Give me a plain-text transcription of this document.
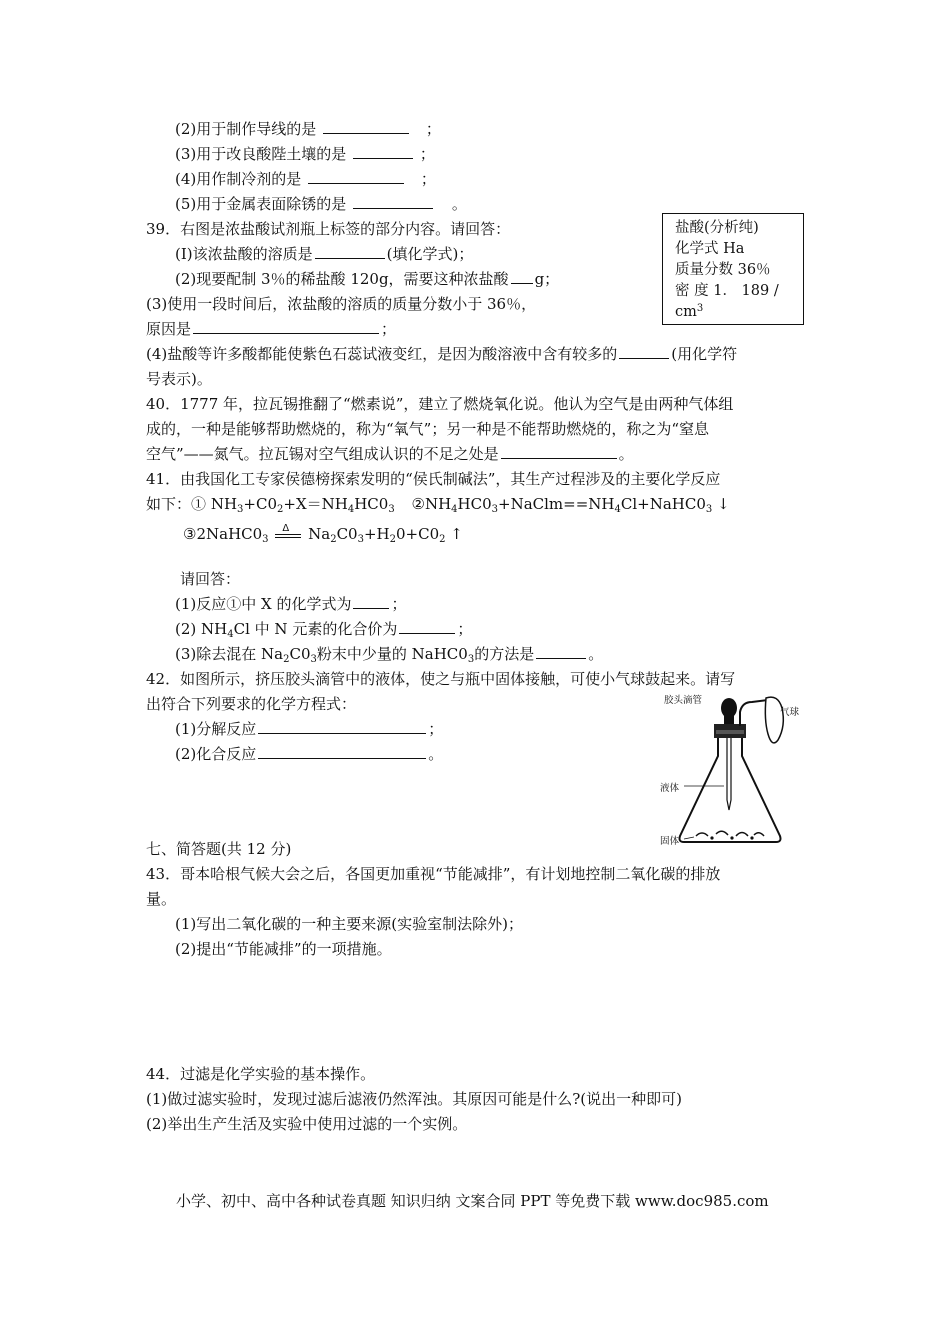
(2)用于制作导线的是	；
(3)用于改良酸陛土壤的是	；
(4)用作制冷剂的是	；
(5)用于金属表面除锈的是	。
39．右图是浓盐酸试剂瓶上标签的部分内容。请回答：
(I)该浓盐酸的溶质是	(填化学式)；
(2)现要配制 3％的稀盐酸 120g，需要这种浓盐酸 g；
(3)使用一段时间后，浓盐酸的溶质的质量分数小于 36％，
原因是	；
(4)盐酸等许多酸都能使紫色石蕊试液变红，是因为酸溶液中含有较多的	(用化学符
号表示)。
盐酸(分析纯)
化学式 Ha
质量分数 36％
密 度 1． 189 /
$cm^3$
40．1777 年，拉瓦锡推翻了“燃素说”，建立了燃烧氧化说。他认为空气是由两种气体组
成的，一种是能够帮助燃烧的，称为“氧气”；另一种是不能帮助燃烧的，称之为“窒息
空气”——氮气。拉瓦锡对空气组成认识的不足之处是	。
41．由我国化工专家侯德榜探索发明的“侯氏制碱法”，其生产过程涉及的主要化学反应
如下：① $NH_3+C0_2+X=NH_4HC0_3$ $②NH_4HC0_3+NaClm==NH_4Cl+NaHC0_3$ ↓
$③2NaHC0_3$
Δ $Na_2C0_3+H_20+C0_2$ ↑
请回答：
(1)反应①中 X 的化学式为	；
(2) $NH_4Cl$ 中 N 元素的化合价为	；
(3)除去混在 $Na_2C0_3$粉末中少量的 $NaHC0_3$的方法是	。
42．如图所示，挤压胶头滴管中的液体，使之与瓶中固体接触，可使小气球鼓起来。请写
出符合下列要求的化学方程式：
(1)分解反应	；
(2)化合反应	。
胶头滴管
气球
液体
固体
七、简答题(共 12 分)
43．哥本哈根气候大会之后，各国更加重视“节能减排”，有计划地控制二氧化碳的排放
量。
(1)写出二氧化碳的一种主要来源(实验室制法除外)；
(2)提出“节能减排”的一项措施。
44．过滤是化学实验的基本操作。
(1)做过滤实验时，发现过滤后滤液仍然浑浊。其原因可能是什么?(说出一种即可)
(2)举出生产生活及实验中使用过滤的一个实例。
小学、初中、高中各种试卷真题 知识归纳 文案合同 PPT 等免费下载 www.doc985.com
